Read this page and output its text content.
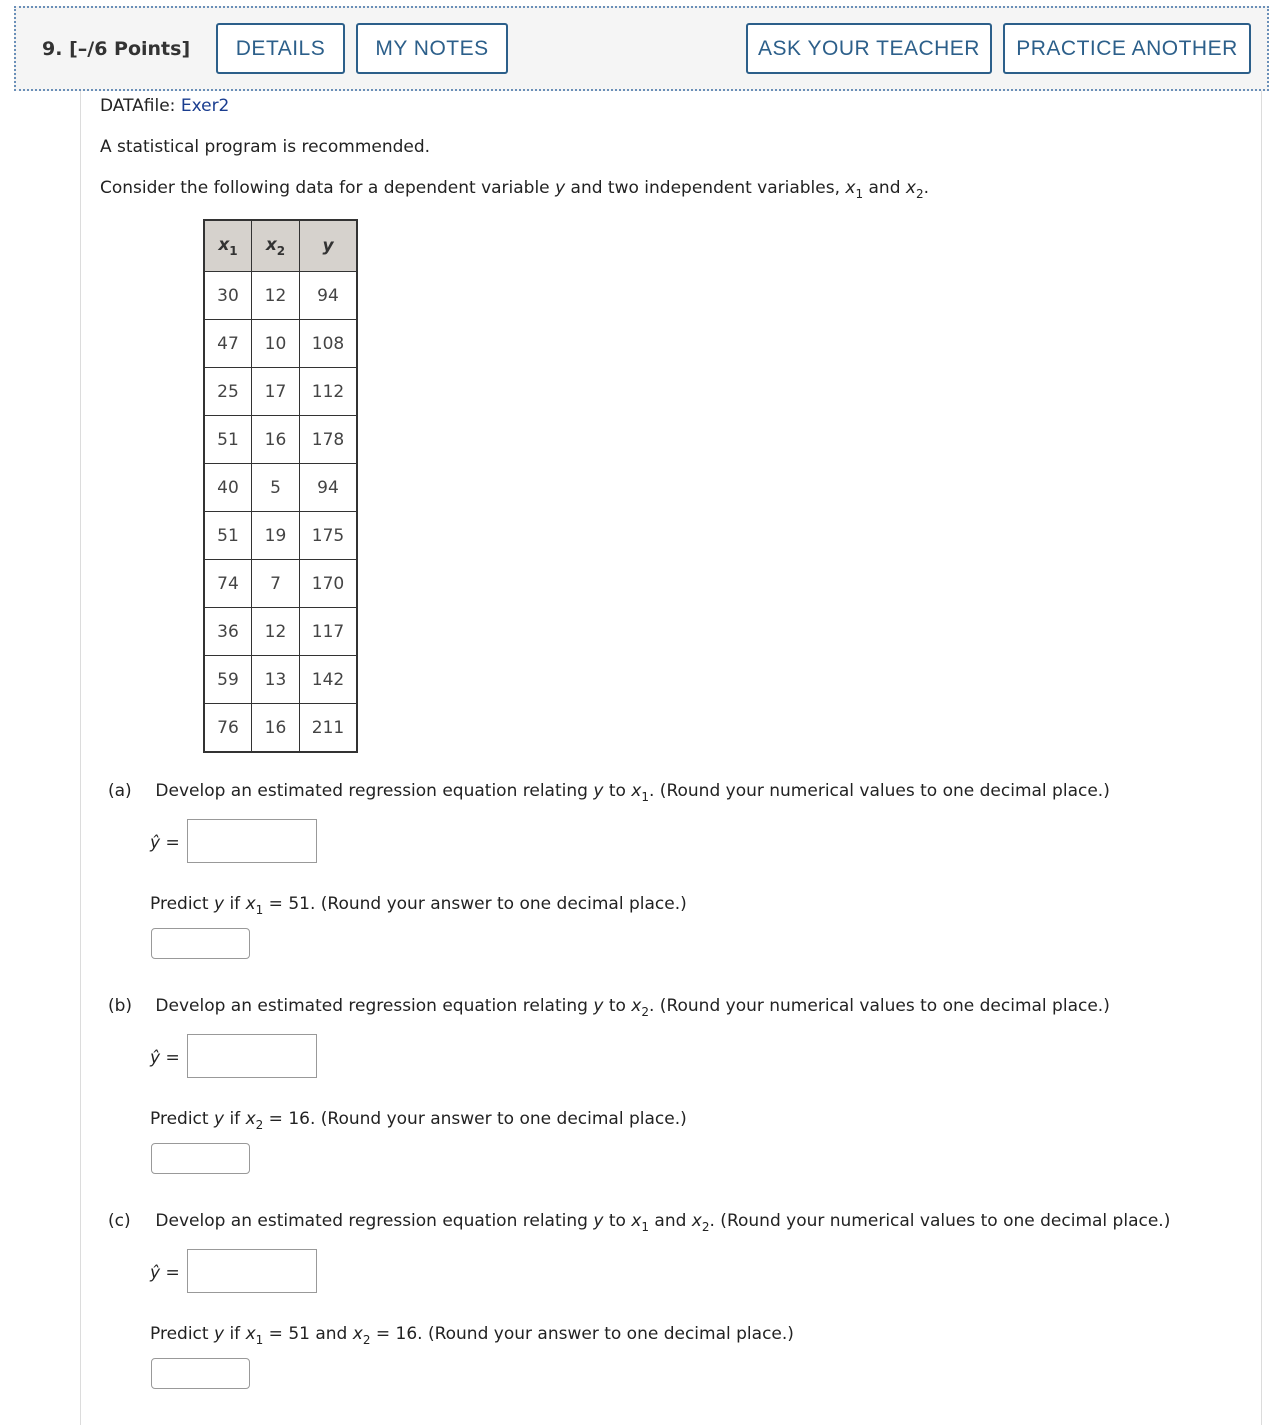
9. [–/6 Points]	DETAILS	MY NOTES	ASK YOUR TEACHER	PRACTICE ANOTHER
DATAfile: Exer2
A statistical program is recommended.
Consider the following data for a dependent variable y and two independent variables, $x_1$ and $x_2$.
$x_1$	$x_2$	y
30	12	94
47	10	108
25	17	112
51	16	178
40	5	94
51	19	175
74	7	170
36	12	117
59	13	142
76	16	211
(a) Develop an estimated regression equation relating y to $x_1$. (Round your numerical values to one decimal place.)
ŷ =
Predict y if $x_1 = 51$. (Round your answer to one decimal place.)
(b) Develop an estimated regression equation relating y to $x_2$. (Round your numerical values to one decimal place.)
ŷ =
Predict y if $x_2 = 16$. (Round your answer to one decimal place.)
(c) Develop an estimated regression equation relating y to $x_1$ and $x_2$. (Round your numerical values to one decimal place.)
ŷ =
Predict y if $x_1 = 51$ and $x_2 = 16$. (Round your answer to one decimal place.)
